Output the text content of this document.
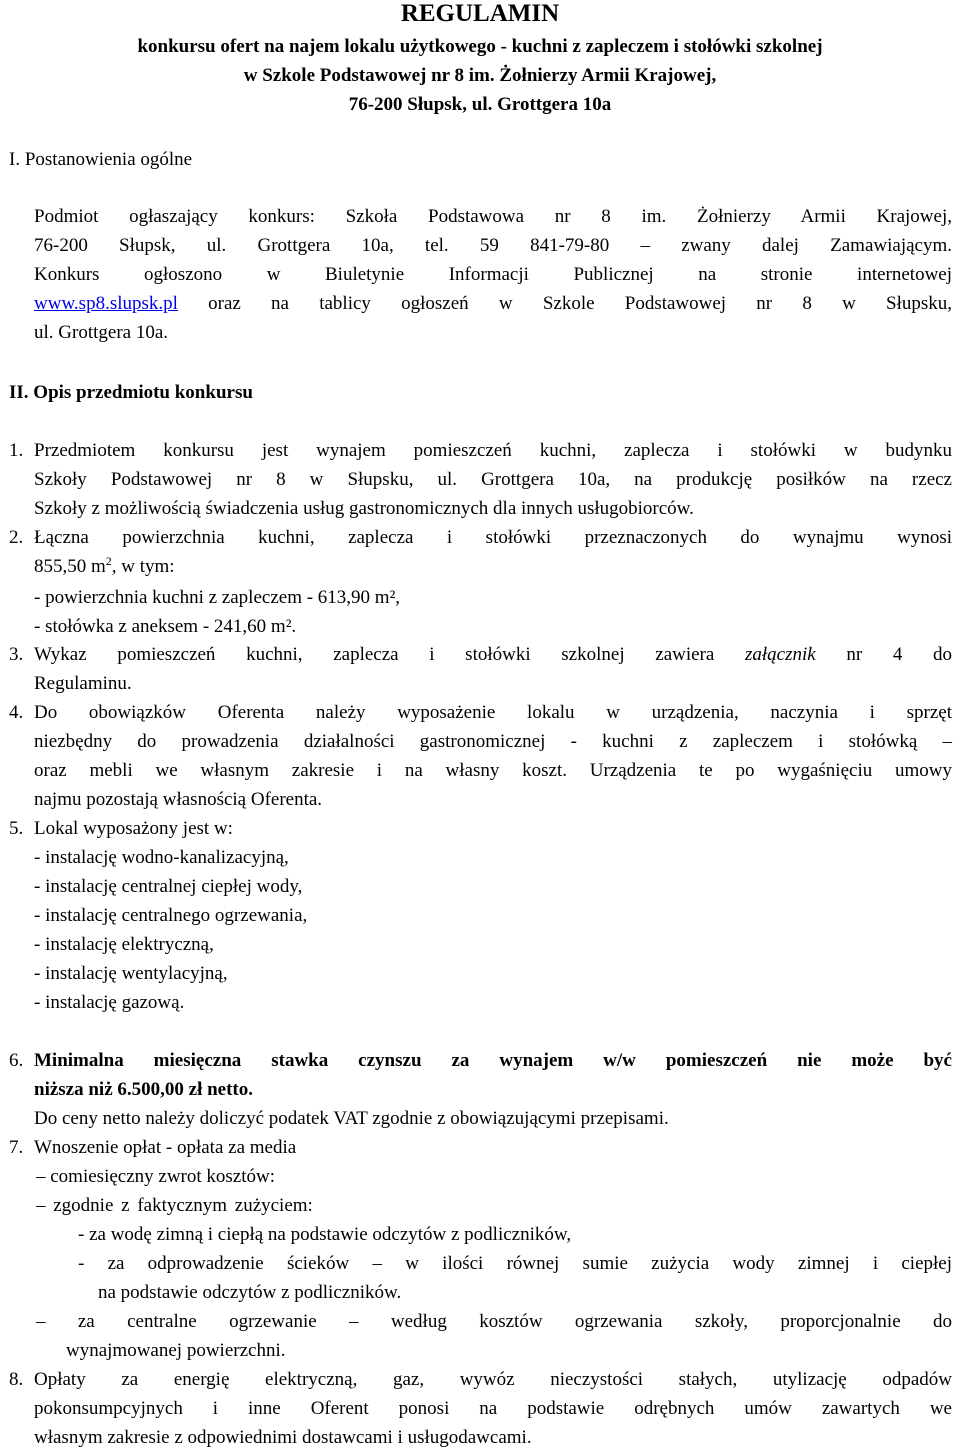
REGULAMIN
konkursu ofert na najem lokalu użytkowego - kuchni z zapleczem i stołówki szkolnej
w Szkole Podstawowej nr 8 im. Żołnierzy Armii Krajowej,
76-200 Słupsk, ul. Grottgera 10a
I. Postanowienia ogólne
Podmiot ogłaszający konkurs: Szkoła Podstawowa nr 8 im. Żołnierzy Armii Krajowej,
76-200 Słupsk, ul. Grottgera 10a, tel. 59 841-79-80 – zwany dalej Zamawiającym.
Konkurs ogłoszono w Biuletynie Informacji Publicznej na stronie internetowej
www.sp8.slupsk.pl oraz na tablicy ogłoszeń w Szkole Podstawowej nr 8 w Słupsku,
ul. Grottgera 10a.
II. Opis przedmiotu konkursu
1. Przedmiotem konkursu jest wynajem pomieszczeń kuchni, zaplecza i stołówki w budynku
Szkoły Podstawowej nr 8 w Słupsku, ul. Grottgera 10a, na produkcję posiłków na rzecz
Szkoły z możliwością świadczenia usług gastronomicznych dla innych usługobiorców.
2. Łączna powierzchnia kuchni, zaplecza i stołówki przeznaczonych do wynajmu wynosi
855,50 $m^2$, w tym:
- powierzchnia kuchni z zapleczem - 613,90 m²,
- stołówka z aneksem - 241,60 m².
3. Wykaz pomieszczeń kuchni, zaplecza i stołówki szkolnej zawiera załącznik nr 4 do
Regulaminu.
4. Do obowiązków Oferenta należy wyposażenie lokalu w urządzenia, naczynia i sprzęt
niezbędny do prowadzenia działalności gastronomicznej - kuchni z zapleczem i stołówką –
oraz mebli we własnym zakresie i na własny koszt. Urządzenia te po wygaśnięciu umowy
najmu pozostają własnością Oferenta.
5. Lokal wyposażony jest w:
- instalację wodno-kanalizacyjną,
- instalację centralnej ciepłej wody,
- instalację centralnego ogrzewania,
- instalację elektryczną,
- instalację wentylacyjną,
- instalację gazową.
6. Minimalna miesięczna stawka czynszu za wynajem w/w pomieszczeń nie może być
niższa niż 6.500,00 zł netto.
Do ceny netto należy doliczyć podatek VAT zgodnie z obowiązującymi przepisami.
7. Wnoszenie opłat - opłata za media
– comiesięczny zwrot kosztów:
– zgodnie z faktycznym zużyciem:
- za wodę zimną i ciepłą na podstawie odczytów z podliczników,
- za odprowadzenie ścieków – w ilości równej sumie zużycia wody zimnej i ciepłej
na podstawie odczytów z podliczników.
– za centralne ogrzewanie – według kosztów ogrzewania szkoły, proporcjonalnie do
wynajmowanej powierzchni.
8. Opłaty za energię elektryczną, gaz, wywóz nieczystości stałych, utylizację odpadów
pokonsumpcyjnych i inne Oferent ponosi na podstawie odrębnych umów zawartych we
własnym zakresie z odpowiednimi dostawcami i usługodawcami.
